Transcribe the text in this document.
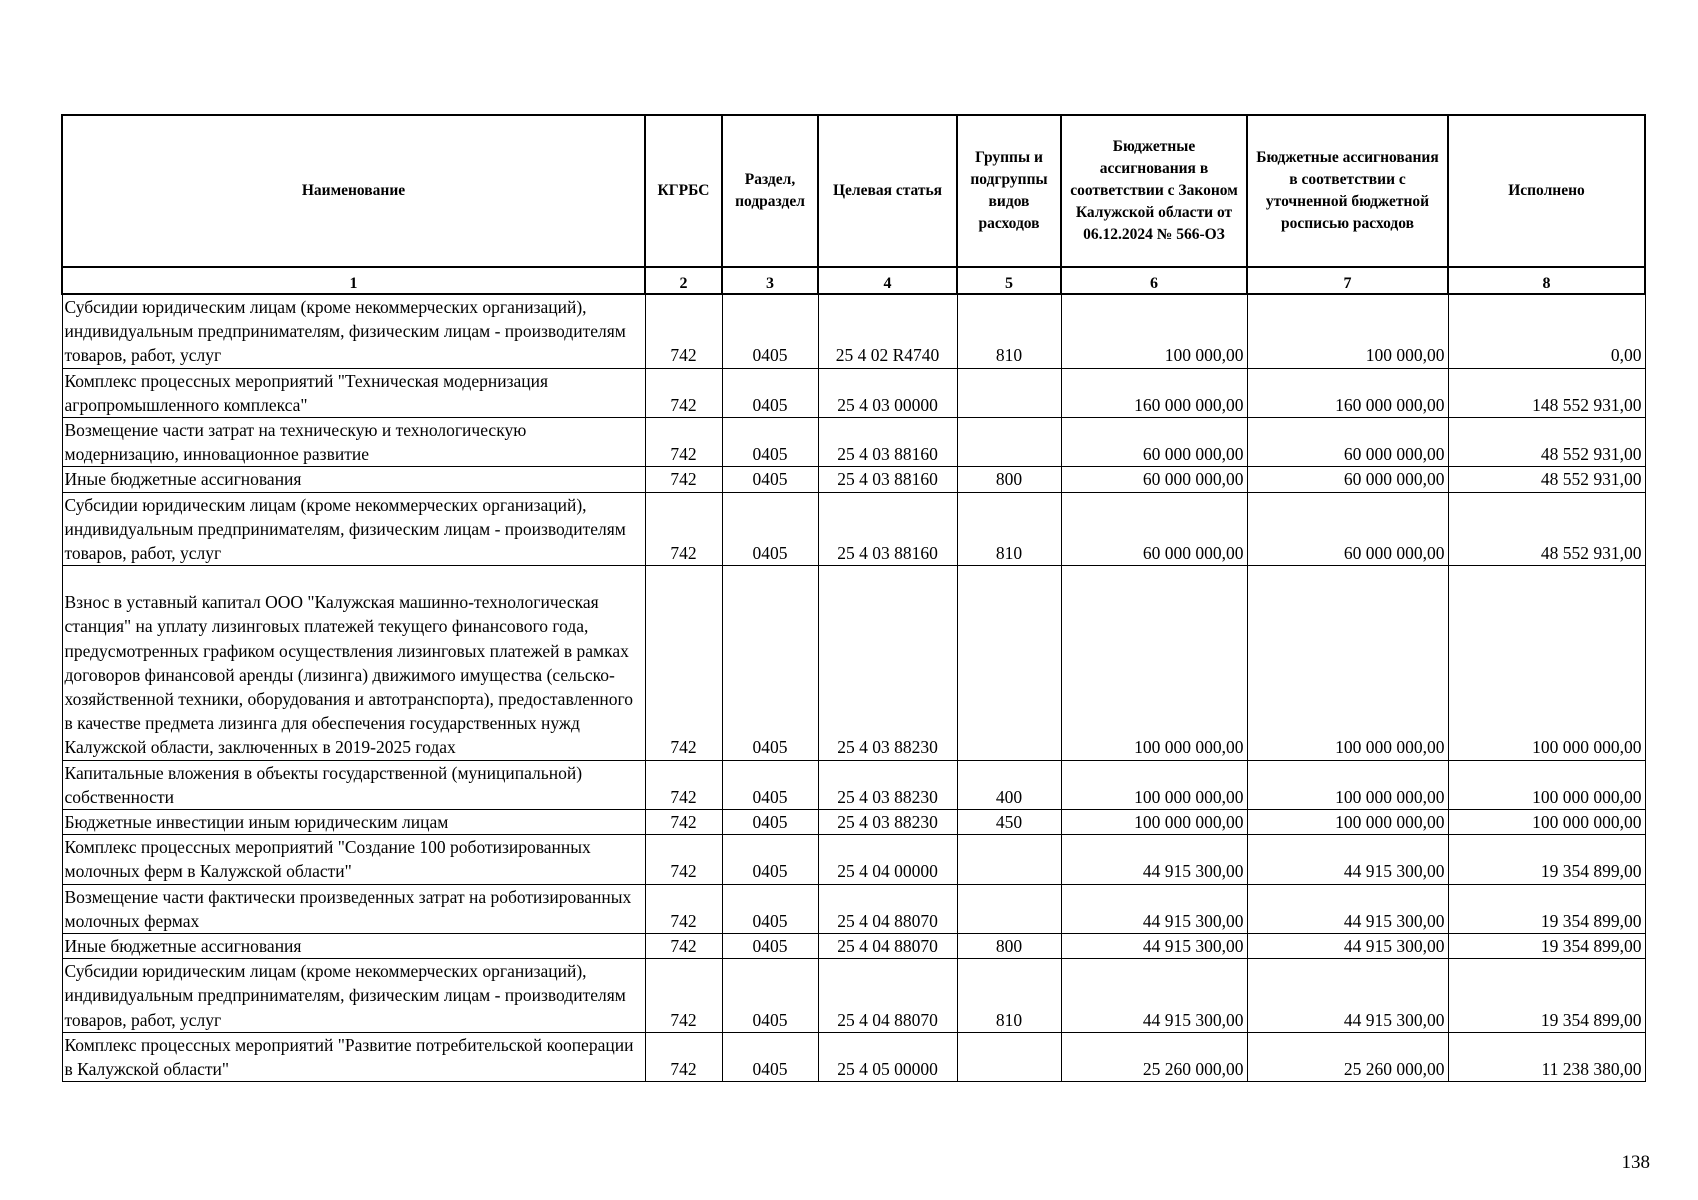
Наименование	КГРБС	Раздел, подраздел	Целевая статья	Группы и подгруппы видов расходов	Бюджетные ассигнования в соответствии с Законом Калужской области от 06.12.2024 № 566-ОЗ	Бюджетные ассигнования в соответствии с уточненной бюджетной росписью расходов	Исполнено
1	2	3	4	5	6	7	8
Субсидии юридическим лицам (кроме некоммерческих организаций), индивидуальным предпринимателям, физическим лицам - производителям товаров, работ, услуг	742	0405	25 4 02 R4740	810	100 000,00	100 000,00	0,00
Комплекс процессных мероприятий "Техническая модернизация агропромышленного комплекса"	742	0405	25 4 03 00000		160 000 000,00	160 000 000,00	148 552 931,00
Возмещение части затрат на техническую и технологическую модернизацию, инновационное развитие	742	0405	25 4 03 88160		60 000 000,00	60 000 000,00	48 552 931,00
Иные бюджетные ассигнования	742	0405	25 4 03 88160	800	60 000 000,00	60 000 000,00	48 552 931,00
Субсидии юридическим лицам (кроме некоммерческих организаций), индивидуальным предпринимателям, физическим лицам - производителям товаров, работ, услуг	742	0405	25 4 03 88160	810	60 000 000,00	60 000 000,00	48 552 931,00
Взнос в уставный капитал ООО "Калужская машинно-технологическая станция" на уплату лизинговых платежей текущего финансового года, предусмотренных графиком осуществления лизинговых платежей в рамках договоров финансовой аренды (лизинга) движимого имущества (сельско-хозяйственной техники, оборудования и автотранспорта), предоставленного в качестве предмета лизинга для обеспечения государственных нужд Калужской области, заключенных в 2019-2025 годах	742	0405	25 4 03 88230		100 000 000,00	100 000 000,00	100 000 000,00
Капитальные вложения в объекты государственной (муниципальной) собственности	742	0405	25 4 03 88230	400	100 000 000,00	100 000 000,00	100 000 000,00
Бюджетные инвестиции иным юридическим лицам	742	0405	25 4 03 88230	450	100 000 000,00	100 000 000,00	100 000 000,00
Комплекс процессных мероприятий "Создание 100 роботизированных молочных ферм в Калужской области"	742	0405	25 4 04 00000		44 915 300,00	44 915 300,00	19 354 899,00
Возмещение части фактически произведенных затрат на роботизированных молочных фермах	742	0405	25 4 04 88070		44 915 300,00	44 915 300,00	19 354 899,00
Иные бюджетные ассигнования	742	0405	25 4 04 88070	800	44 915 300,00	44 915 300,00	19 354 899,00
Субсидии юридическим лицам (кроме некоммерческих организаций), индивидуальным предпринимателям, физическим лицам - производителям товаров, работ, услуг	742	0405	25 4 04 88070	810	44 915 300,00	44 915 300,00	19 354 899,00
Комплекс процессных мероприятий "Развитие потребительской кооперации в Калужской области"	742	0405	25 4 05 00000		25 260 000,00	25 260 000,00	11 238 380,00
138
